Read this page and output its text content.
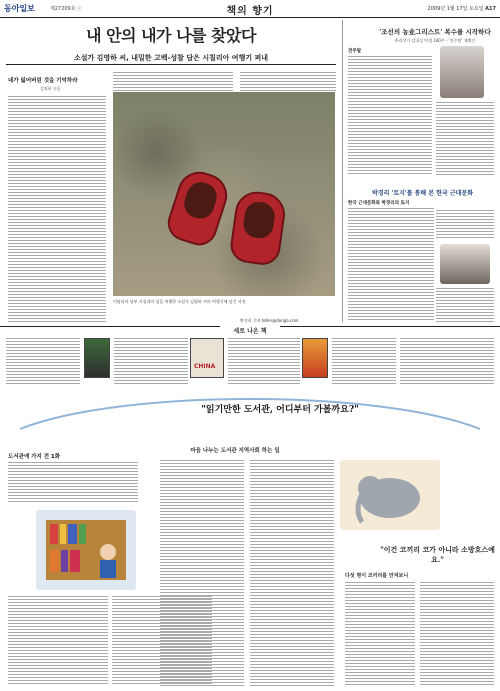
동아일보	제27209호 ⓒ	책의 향기	2009년 1월 17일 토요일 A17
내 안의 내가 나를 찾았다
소설가 김영하 씨, 내밀한 고백-성찰 담은 시칠리아 여행기 펴내
네가 잃어버린 것을 기억하라
김영하 지음
이탈리아 남부 시칠리아 섬을 여행한 소설가 김영하 씨의 여행기에 담긴 사진.
박선희 기자 teller@donga.com
'조선의 농业그리스트' 복수를 시작하다
추리작가 김내성 탄생 100주 - '진주탑' 재출간
전주탑
박경리 '토지'를 통해 본 한국 근대문화
한국 근대문화와 박경리의 토지
새로 나온 책
CHINA
"읽기만한 도서관, 어디부터 가볼까요?"
마음 나누는 도서관 지역사회 하는 일
도서관에 가지 전 1화
"이건 코끼리 코가 아니라 소방호스예요."
다섯 명이 코끼리를 만져보니
